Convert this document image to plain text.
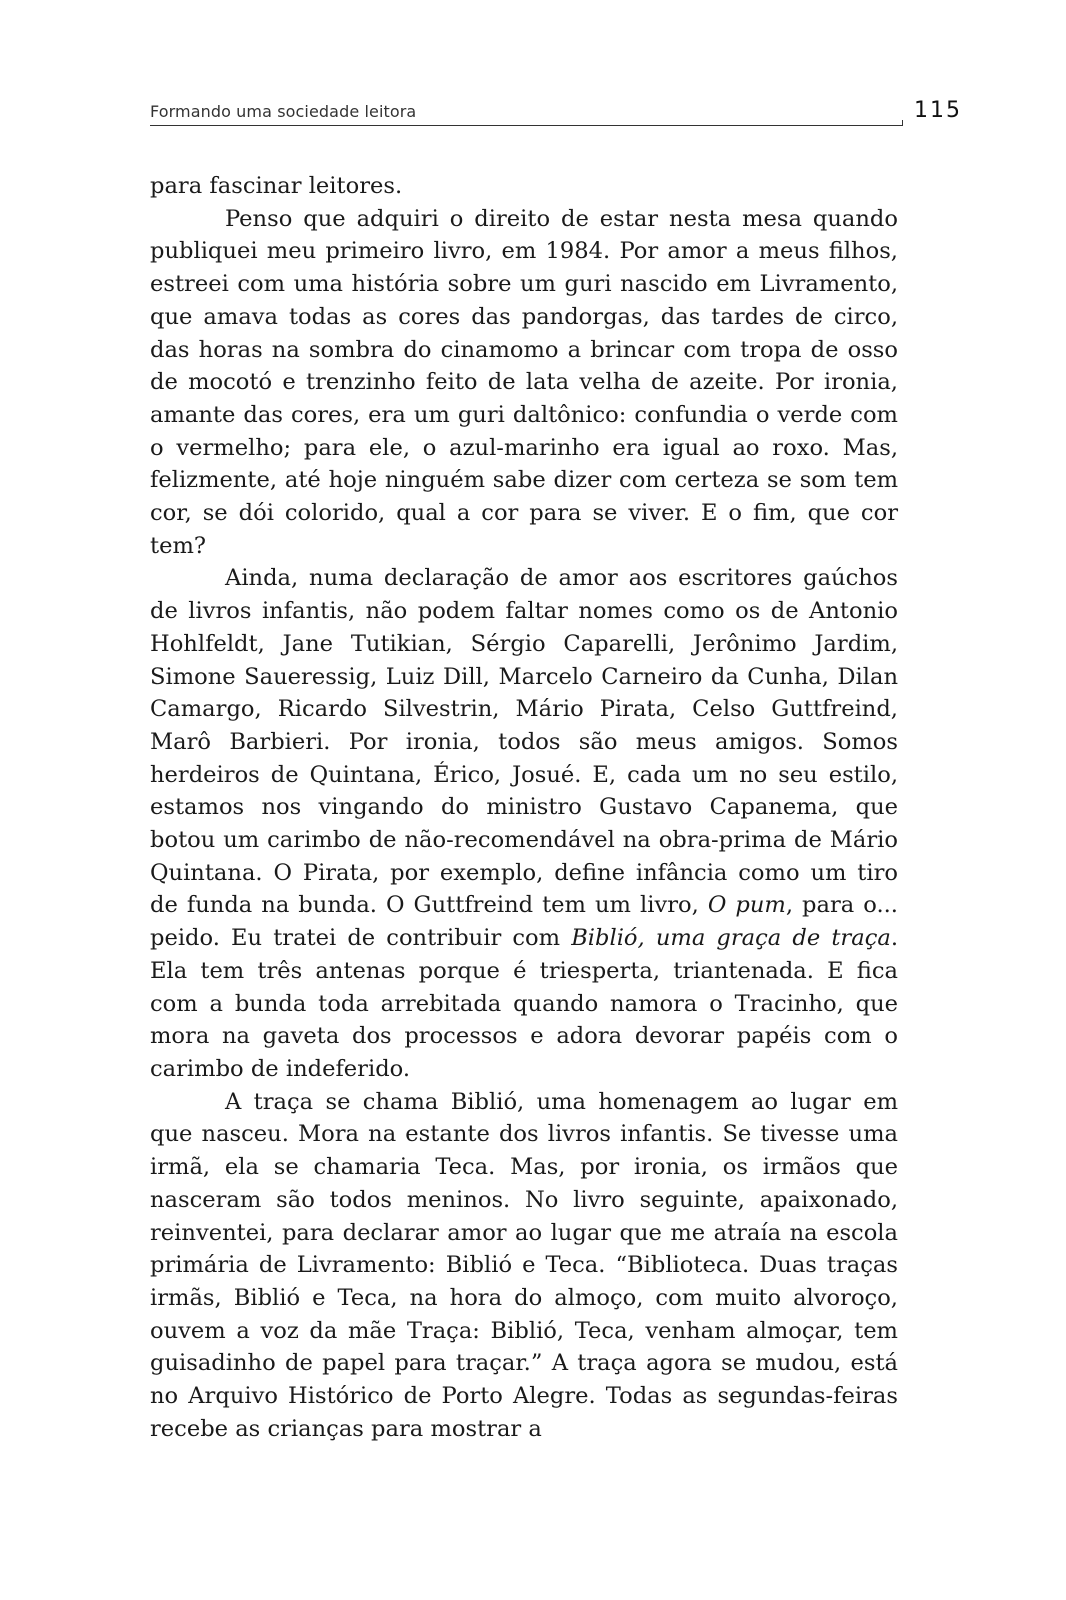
Formando uma sociedade leitora	115

para fascinar leitores.

Penso que adquiri o direito de estar nesta mesa quando publiquei meu primeiro livro, em 1984. Por amor a meus filhos, estreei com uma história sobre um guri nascido em Livramento, que amava todas as cores das pandorgas, das tardes de circo, das horas na sombra do cinamomo a brincar com tropa de osso de mocotó e trenzinho feito de lata velha de azeite. Por ironia, amante das cores, era um guri daltônico: confundia o verde com o vermelho; para ele, o azul-marinho era igual ao roxo. Mas, felizmente, até hoje ninguém sabe dizer com certeza se som tem cor, se dói colorido, qual a cor para se viver. E o fim, que cor tem?

Ainda, numa declaração de amor aos escritores gaúchos de livros infantis, não podem faltar nomes como os de Antonio Hohlfeldt, Jane Tutikian, Sérgio Caparelli, Jerônimo Jardim, Simone Saueressig, Luiz Dill, Marcelo Carneiro da Cunha, Dilan Camargo, Ricardo Silvestrin, Mário Pirata, Celso Guttfreind, Marô Barbieri. Por ironia, todos são meus amigos. Somos herdeiros de Quintana, Érico, Josué. E, cada um no seu estilo, estamos nos vingando do ministro Gustavo Capanema, que botou um carimbo de não-recomendável na obra-prima de Mário Quintana. O Pirata, por exemplo, define infância como um tiro de funda na bunda. O Guttfreind tem um livro, O pum, para o... peido. Eu tratei de contribuir com Biblió, uma graça de traça. Ela tem três antenas porque é triesperta, triantenada. E fica com a bunda toda arrebitada quando namora o Tracinho, que mora na gaveta dos processos e adora devorar papéis com o carimbo de indeferido.

A traça se chama Biblió, uma homenagem ao lugar em que nasceu. Mora na estante dos livros infantis. Se tivesse uma irmã, ela se chamaria Teca. Mas, por ironia, os irmãos que nasceram são todos meninos. No livro seguinte, apaixonado, reinventei, para declarar amor ao lugar que me atraía na escola primária de Livramento: Biblió e Teca. “Biblioteca. Duas traças irmãs, Biblió e Teca, na hora do almoço, com muito alvoroço, ouvem a voz da mãe Traça: Biblió, Teca, venham almoçar, tem guisadinho de papel para traçar.” A traça agora se mudou, está no Arquivo Histórico de Porto Alegre. Todas as segundas-feiras recebe as crianças para mostrar a
